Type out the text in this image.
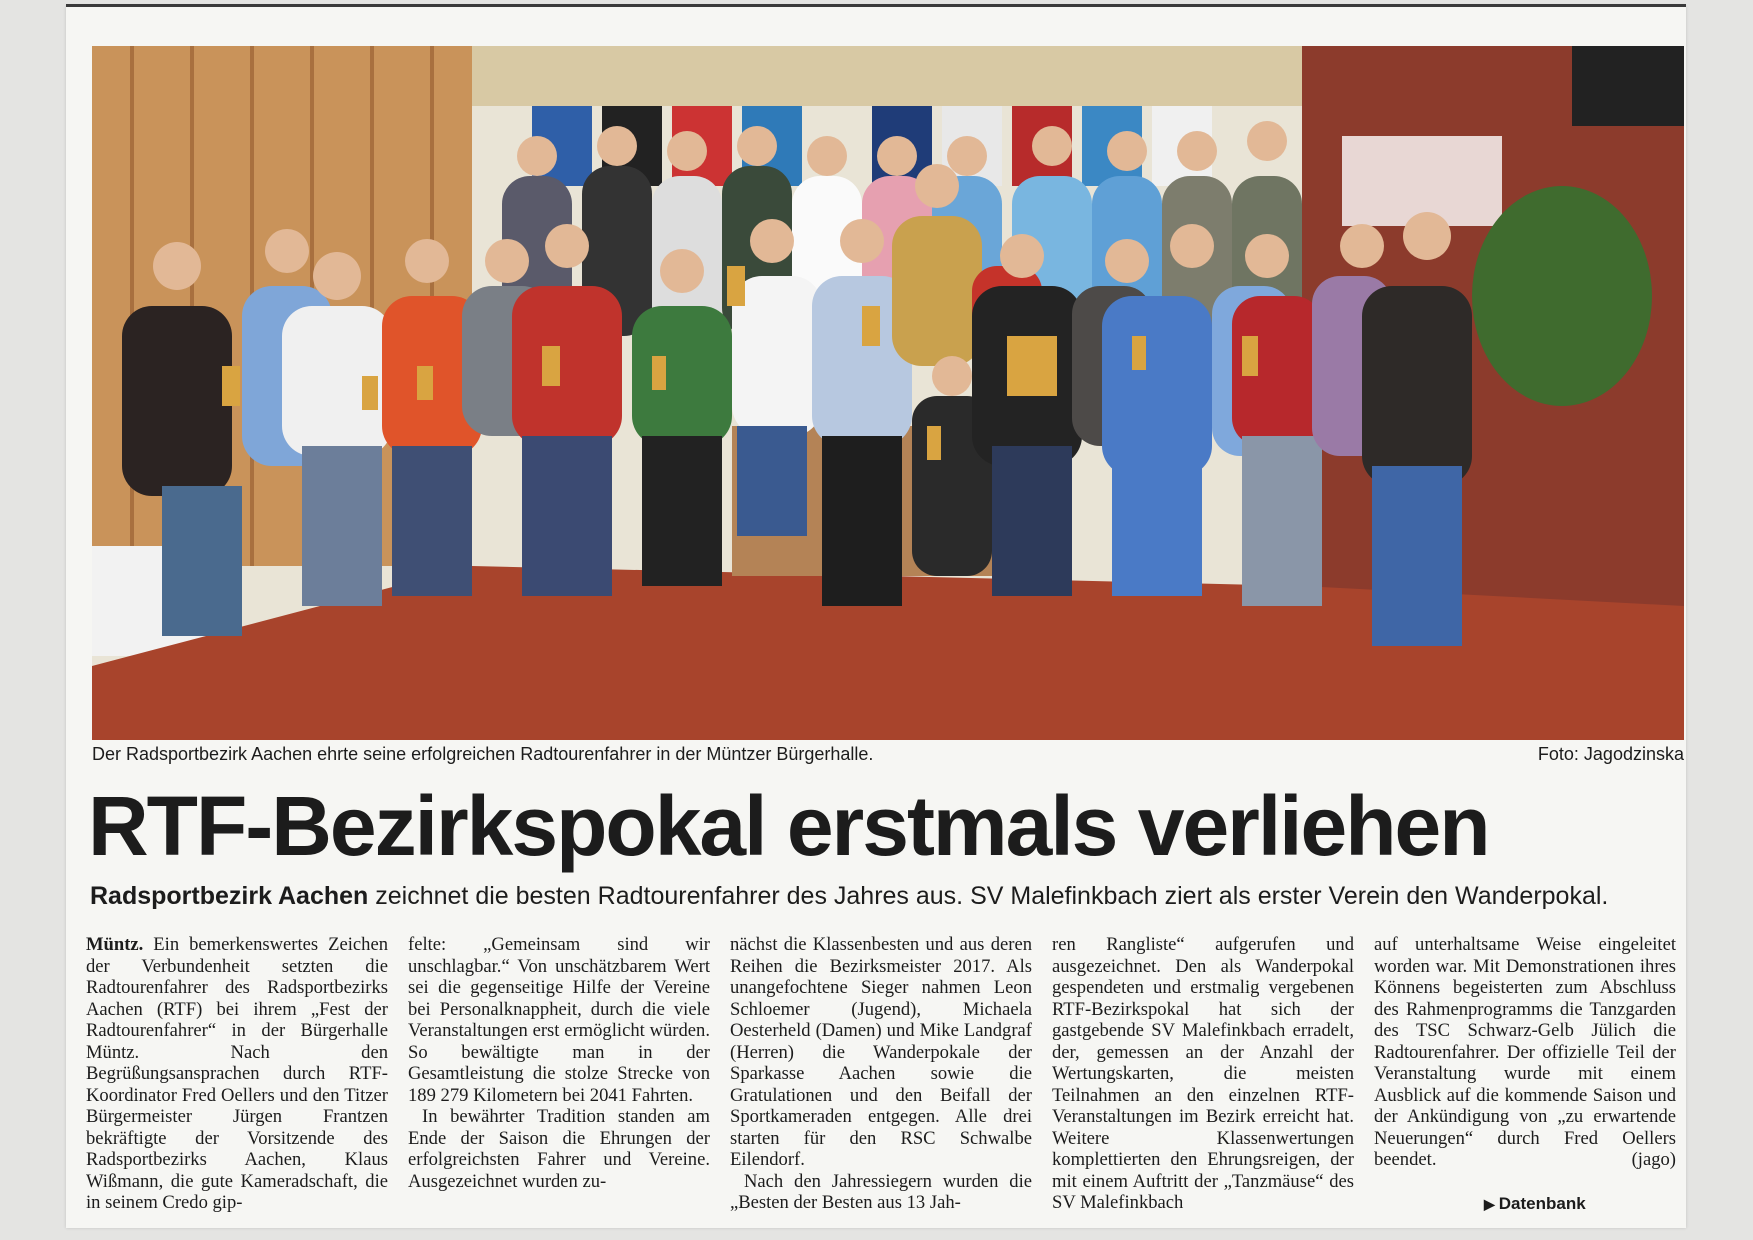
Der Radsportbezirk Aachen ehrte seine erfolgreichen Radtourenfahrer in der Müntzer Bürgerhalle.	Foto: Jagodzinska
RTF-Bezirkspokal erstmals verliehen
Radsportbezirk Aachen zeichnet die besten Radtourenfahrer des Jahres aus. SV Malefinkbach ziert als erster Verein den Wanderpokal.

Müntz. Ein bemerkenswertes Zeichen der Verbundenheit setzten die Radtourenfahrer des Radsportbezirks Aachen (RTF) bei ihrem „Fest der Radtourenfahrer“ in der Bürgerhalle Müntz. Nach den Begrüßungsansprachen durch RTF-Koordinator Fred Oellers und den Titzer Bürgermeister Jürgen Frantzen bekräftigte der Vorsitzende des Radsportbezirks Aachen, Klaus Wißmann, die gute Kameradschaft, die in seinem Credo gip-

felte: „Gemeinsam sind wir unschlagbar.“ Von unschätzbarem Wert sei die gegenseitige Hilfe der Vereine bei Personalknappheit, durch die viele Veranstaltungen erst ermöglicht würden. So bewältigte man in der Gesamtleistung die stolze Strecke von 189 279 Kilometern bei 2041 Fahrten.

In bewährter Tradition standen am Ende der Saison die Ehrungen der erfolgreichsten Fahrer und Vereine. Ausgezeichnet wurden zu-

nächst die Klassenbesten und aus deren Reihen die Bezirksmeister 2017. Als unangefochtene Sieger nahmen Leon Schloemer (Jugend), Michaela Oesterheld (Damen) und Mike Landgraf (Herren) die Wanderpokale der Sparkasse Aachen sowie die Gratulationen und den Beifall der Sportkameraden entgegen. Alle drei starten für den RSC Schwalbe Eilendorf.

Nach den Jahressiegern wurden die „Besten der Besten aus 13 Jah-

ren Rangliste“ aufgerufen und ausgezeichnet. Den als Wanderpokal gespendeten und erstmalig vergebenen RTF-Bezirkspokal hat sich der gastgebende SV Malefinkbach erradelt, der, gemessen an der Anzahl der Wertungskarten, die meisten Teilnahmen an den einzelnen RTF-Veranstaltungen im Bezirk erreicht hat. Weitere Klassenwertungen komplettierten den Ehrungsreigen, der mit einem Auftritt der „Tanzmäuse“ des SV Malefinkbach

auf unterhaltsame Weise eingeleitet worden war. Mit Demonstrationen ihres Könnens begeisterten zum Abschluss des Rahmenprogramms die Tanzgarden des TSC Schwarz-Gelb Jülich die Radtourenfahrer. Der offizielle Teil der Veranstaltung wurde mit einem Ausblick auf die kommende Saison und der Ankündigung von „zu erwartende Neuerungen“ durch Fred Oellers beendet.	(jago)

▶ Datenbank
